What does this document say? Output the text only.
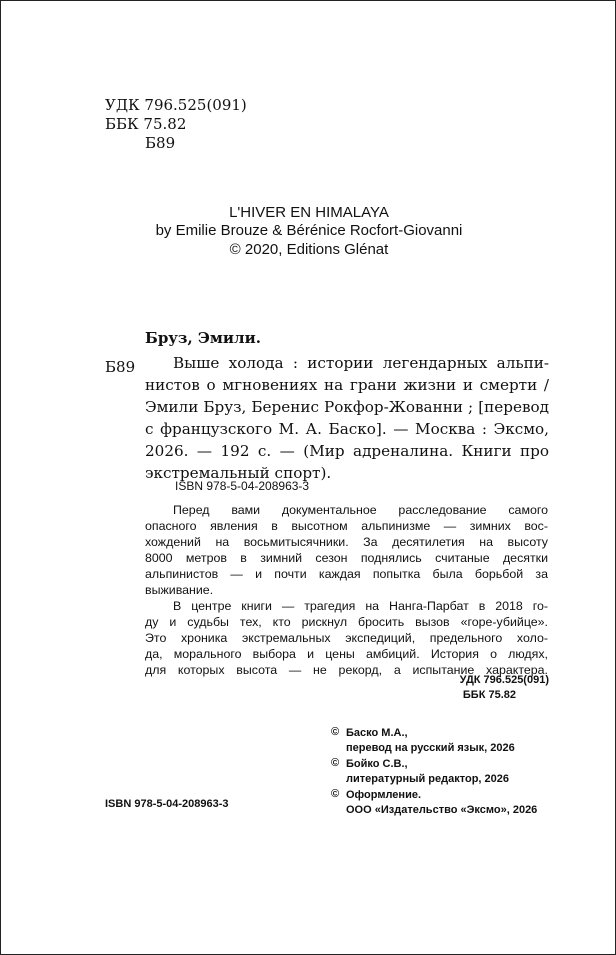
УДК 796.525(091)
ББК 75.82
Б89
L'HIVER EN HIMALAYA
by Emilie Brouze & Bérénice Rocfort-Giovanni
© 2020, Editions Glénat
Бруз, Эмили.
Б89 Выше холода : истории легендарных альпи-
нистов о мгновениях на грани жизни и смерти /
Эмили Бруз, Беренис Рокфор-Жованни ; [перевод
с французского М. А. Баско]. — Москва : Эксмо,
2026. — 192 с. — (Мир адреналина. Книги про
экстремальный спорт).
ISBN 978-5-04-208963-3
Перед вами документальное расследование самого
опасного явления в высотном альпинизме — зимних вос-
хождений на восьмитысячники. За десятилетия на высоту
8000 метров в зимний сезон поднялись считаные десятки
альпинистов — и почти каждая попытка была борьбой за
выживание.
В центре книги — трагедия на Нанга-Парбат в 2018 го-
ду и судьбы тех, кто рискнул бросить вызов «горе-убийце».
Это хроника экстремальных экспедиций, предельного холо-
да, морального выбора и цены амбиций. История о людях,
для которых высота — не рекорд, а испытание характера.
УДК 796.525(091)
ББК 75.82
© Баско М.А.,
перевод на русский язык, 2026
© Бойко С.В.,
литературный редактор, 2026
© Оформление.
ООО «Издательство «Эксмо», 2026
ISBN 978-5-04-208963-3
